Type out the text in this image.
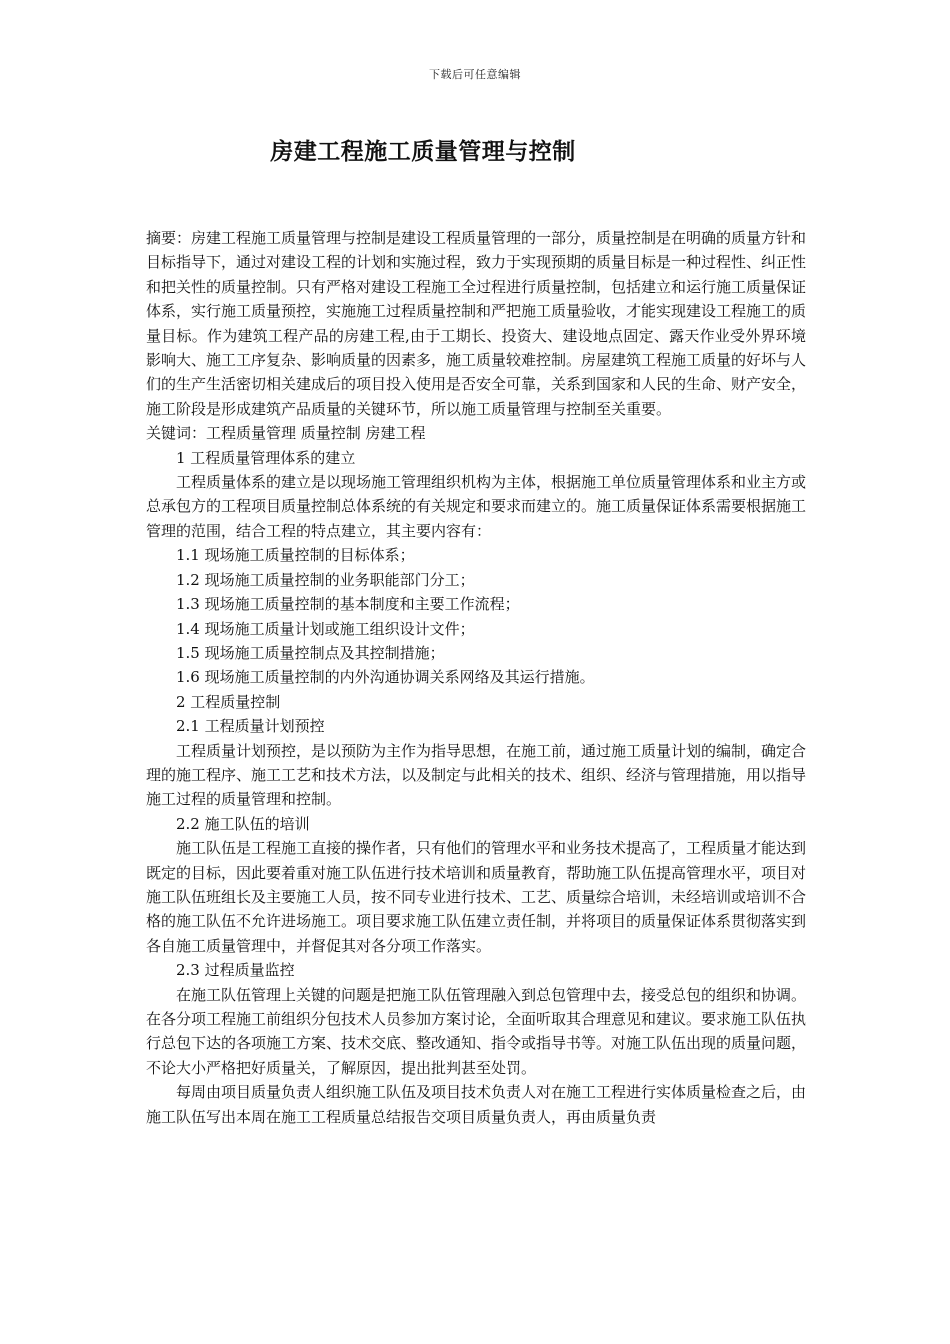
下载后可任意编辑
房建工程施工质量管理与控制

摘要：房建工程施工质量管理与控制是建设工程质量管理的一部分，质量控制是在明确的质量方针和目标指导下，通过对建设工程的计划和实施过程，致力于实现预期的质量目标是一种过程性、纠正性和把关性的质量控制。只有严格对建设工程施工全过程进行质量控制，包括建立和运行施工质量保证体系，实行施工质量预控，实施施工过程质量控制和严把施工质量验收，才能实现建设工程施工的质量目标。作为建筑工程产品的房建工程,由于工期长、投资大、建设地点固定、露天作业受外界环境影响大、施工工序复杂、影响质量的因素多，施工质量较难控制。房屋建筑工程施工质量的好坏与人们的生产生活密切相关建成后的项目投入使用是否安全可靠，关系到国家和人民的生命、财产安全，施工阶段是形成建筑产品质量的关键环节，所以施工质量管理与控制至关重要。

关键词：工程质量管理 质量控制 房建工程

1 工程质量管理体系的建立

工程质量体系的建立是以现场施工管理组织机构为主体，根据施工单位质量管理体系和业主方或总承包方的工程项目质量控制总体系统的有关规定和要求而建立的。施工质量保证体系需要根据施工管理的范围，结合工程的特点建立，其主要内容有：

1.1 现场施工质量控制的目标体系；

1.2 现场施工质量控制的业务职能部门分工；

1.3 现场施工质量控制的基本制度和主要工作流程；

1.4 现场施工质量计划或施工组织设计文件；

1.5 现场施工质量控制点及其控制措施；

1.6 现场施工质量控制的内外沟通协调关系网络及其运行措施。

2 工程质量控制

2.1 工程质量计划预控

工程质量计划预控，是以预防为主作为指导思想，在施工前，通过施工质量计划的编制，确定合理的施工程序、施工工艺和技术方法，以及制定与此相关的技术、组织、经济与管理措施，用以指导施工过程的质量管理和控制。

2.2 施工队伍的培训

施工队伍是工程施工直接的操作者，只有他们的管理水平和业务技术提高了，工程质量才能达到既定的目标，因此要着重对施工队伍进行技术培训和质量教育，帮助施工队伍提高管理水平，项目对施工队伍班组长及主要施工人员，按不同专业进行技术、工艺、质量综合培训，未经培训或培训不合格的施工队伍不允许进场施工。项目要求施工队伍建立责任制，并将项目的质量保证体系贯彻落实到各自施工质量管理中，并督促其对各分项工作落实。

2.3 过程质量监控

在施工队伍管理上关键的问题是把施工队伍管理融入到总包管理中去，接受总包的组织和协调。在各分项工程施工前组织分包技术人员参加方案讨论，全面听取其合理意见和建议。要求施工队伍执行总包下达的各项施工方案、技术交底、整改通知、指令或指导书等。对施工队伍出现的质量问题，不论大小严格把好质量关，了解原因，提出批判甚至处罚。

每周由项目质量负责人组织施工队伍及项目技术负责人对在施工工程进行实体质量检查之后，由施工队伍写出本周在施工工程质量总结报告交项目质量负责人，再由质量负责
